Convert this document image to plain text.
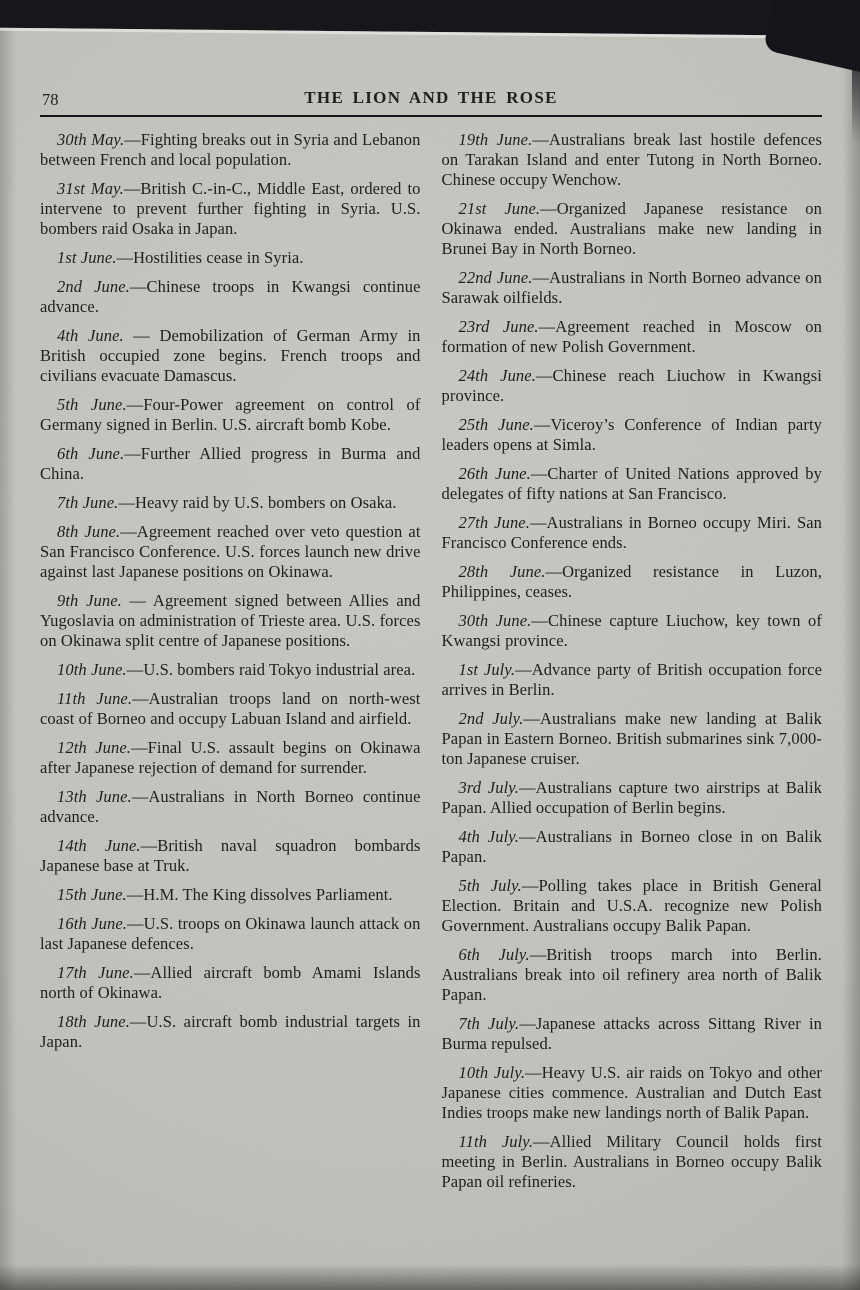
78	THE LION AND THE ROSE

30th May.—Fighting breaks out in Syria and Lebanon between French and local population.

31st May.—British C.-in-C., Middle East, ordered to intervene to prevent further fighting in Syria. U.S. bombers raid Osaka in Japan.

1st June.—Hostilities cease in Syria.

2nd June.—Chinese troops in Kwangsi continue advance.

4th June. — Demobilization of German Army in British occupied zone begins. French troops and civilians evacuate Damascus.

5th June.—Four-Power agreement on control of Germany signed in Berlin. U.S. aircraft bomb Kobe.

6th June.—Further Allied progress in Burma and China.

7th June.—Heavy raid by U.S. bombers on Osaka.

8th June.—Agreement reached over veto question at San Francisco Conference. U.S. forces launch new drive against last Japanese positions on Okinawa.

9th June. — Agreement signed between Allies and Yugoslavia on administration of Trieste area. U.S. forces on Okinawa split centre of Japanese positions.

10th June.—U.S. bombers raid Tokyo industrial area.

11th June.—Australian troops land on north-west coast of Borneo and occupy Labuan Island and airfield.

12th June.—Final U.S. assault begins on Okinawa after Japanese rejection of demand for surrender.

13th June.—Australians in North Borneo continue advance.

14th June.—British naval squadron bombards Japanese base at Truk.

15th June.—H.M. The King dissolves Parliament.

16th June.—U.S. troops on Okinawa launch attack on last Japanese defences.

17th June.—Allied aircraft bomb Amami Islands north of Okinawa.

18th June.—U.S. aircraft bomb industrial targets in Japan.

19th June.—Australians break last hostile defences on Tarakan Island and enter Tutong in North Borneo. Chinese occupy Wenchow.

21st June.—Organized Japanese resistance on Okinawa ended. Australians make new landing in Brunei Bay in North Borneo.

22nd June.—Australians in North Borneo advance on Sarawak oilfields.

23rd June.—Agreement reached in Moscow on formation of new Polish Government.

24th June.—Chinese reach Liuchow in Kwangsi province.

25th June.—Viceroy’s Conference of Indian party leaders opens at Simla.

26th June.—Charter of United Nations approved by delegates of fifty nations at San Francisco.

27th June.—Australians in Borneo occupy Miri. San Francisco Conference ends.

28th June.—Organized resistance in Luzon, Philippines, ceases.

30th June.—Chinese capture Liuchow, key town of Kwangsi province.

1st July.—Advance party of British occupation force arrives in Berlin.

2nd July.—Australians make new landing at Balik Papan in Eastern Borneo. British submarines sink 7,000-ton Japanese cruiser.

3rd July.—Australians capture two airstrips at Balik Papan. Allied occupation of Berlin begins.

4th July.—Australians in Borneo close in on Balik Papan.

5th July.—Polling takes place in British General Election. Britain and U.S.A. recognize new Polish Government. Australians occupy Balik Papan.

6th July.—British troops march into Berlin. Australians break into oil refinery area north of Balik Papan.

7th July.—Japanese attacks across Sittang River in Burma repulsed.

10th July.—Heavy U.S. air raids on Tokyo and other Japanese cities commence. Australian and Dutch East Indies troops make new landings north of Balik Papan.

11th July.—Allied Military Council holds first meeting in Berlin. Australians in Borneo occupy Balik Papan oil refineries.
